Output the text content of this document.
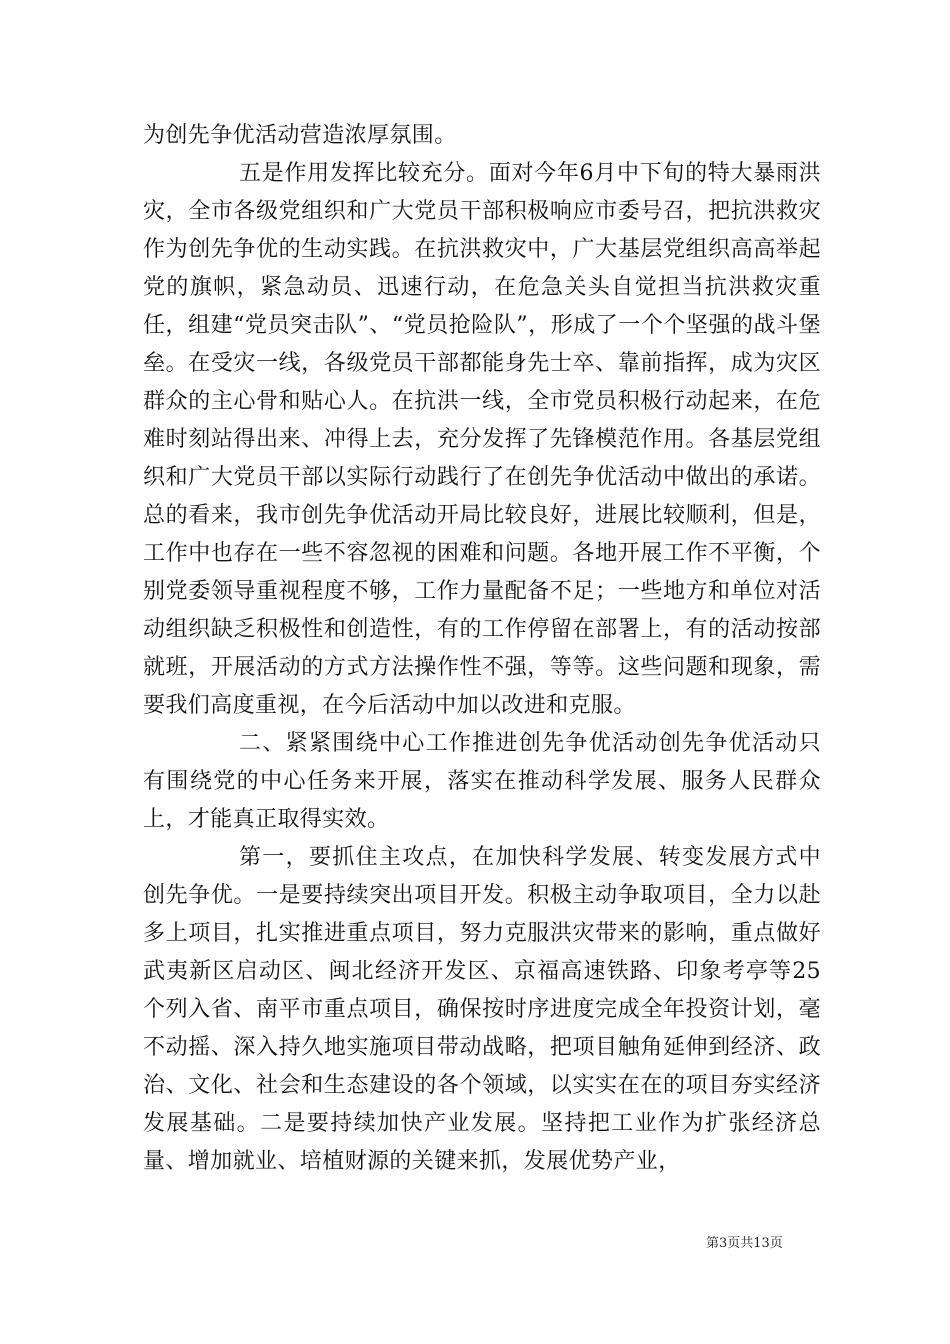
为创先争优活动营造浓厚氛围。

五是作用发挥比较充分。面对今年6月中下旬的特大暴雨洪灾，全市各级党组织和广大党员干部积极响应市委号召，把抗洪救灾作为创先争优的生动实践。在抗洪救灾中，广大基层党组织高高举起党的旗帜，紧急动员、迅速行动，在危急关头自觉担当抗洪救灾重任，组建“党员突击队”、“党员抢险队”，形成了一个个坚强的战斗堡垒。在受灾一线，各级党员干部都能身先士卒、靠前指挥，成为灾区群众的主心骨和贴心人。在抗洪一线，全市党员积极行动起来，在危难时刻站得出来、冲得上去，充分发挥了先锋模范作用。各基层党组织和广大党员干部以实际行动践行了在创先争优活动中做出的承诺。总的看来，我市创先争优活动开局比较良好，进展比较顺利，但是，工作中也存在一些不容忽视的困难和问题。各地开展工作不平衡，个别党委领导重视程度不够，工作力量配备不足；一些地方和单位对活动组织缺乏积极性和创造性，有的工作停留在部署上，有的活动按部就班，开展活动的方式方法操作性不强，等等。这些问题和现象，需要我们高度重视，在今后活动中加以改进和克服。

二、紧紧围绕中心工作推进创先争优活动创先争优活动只有围绕党的中心任务来开展，落实在推动科学发展、服务人民群众上，才能真正取得实效。

第一，要抓住主攻点，在加快科学发展、转变发展方式中创先争优。一是要持续突出项目开发。积极主动争取项目，全力以赴多上项目，扎实推进重点项目，努力克服洪灾带来的影响，重点做好武夷新区启动区、闽北经济开发区、京福高速铁路、印象考亭等25个列入省、南平市重点项目，确保按时序进度完成全年投资计划，毫不动摇、深入持久地实施项目带动战略，把项目触角延伸到经济、政治、文化、社会和生态建设的各个领域，以实实在在的项目夯实经济发展基础。二是要持续加快产业发展。坚持把工业作为扩张经济总量、增加就业、培植财源的关键来抓，发展优势产业，

第3页共13页
